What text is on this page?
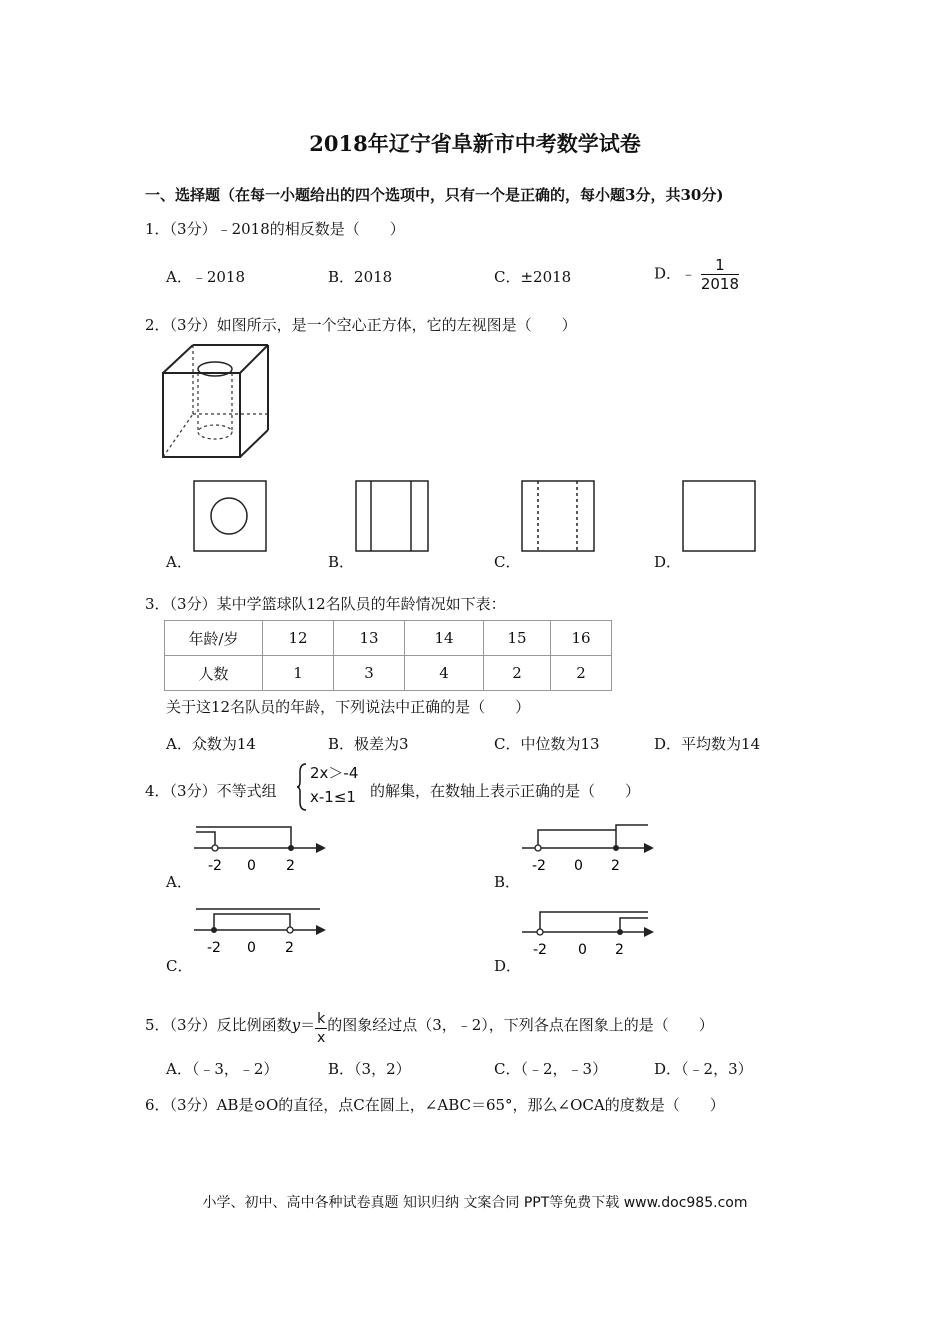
2018年辽宁省阜新市中考数学试卷
一、选择题（在每一小题给出的四个选项中，只有一个是正确的，每小题3分，共30分)
1．（3分）﹣2018的相反数是（　　）
A．﹣2018	B．2018	C．±2018	D．﹣ $\frac{1}{2018}$
2．（3分）如图所示，是一个空心正方体，它的左视图是（　　）
A．	B．	C．	D．
3．（3分）某中学篮球队12名队员的年龄情况如下表：
年龄/岁	12	13	14	15	16
人数	1	3	4	2	2
关于这12名队员的年龄，下列说法中正确的是（　　）
A．众数为14	B．极差为3	C．中位数为13	D．平均数为14
4．（3分）不等式组
2x＞-4
x-1≤1 的解集，在数轴上表示正确的是（　　）
-2 0 2	-2 0 2
-2 0 2	-2 0 2
A．	B．
C．	D．
5．（3分）反比例函数$y= \frac{k}{x}$ 的图象经过点（3，﹣2），下列各点在图象上的是（　　）
A．（﹣3，﹣2）	B．（3，2）	C．（﹣2，﹣3）	D．（﹣2，3）
6．（3分）AB是⊙O的直径，点C在圆上，∠ABC＝65°，那么∠OCA的度数是（　　）
小学、初中、高中各种试卷真题 知识归纳 文案合同 PPT等免费下载 www.doc985.com
